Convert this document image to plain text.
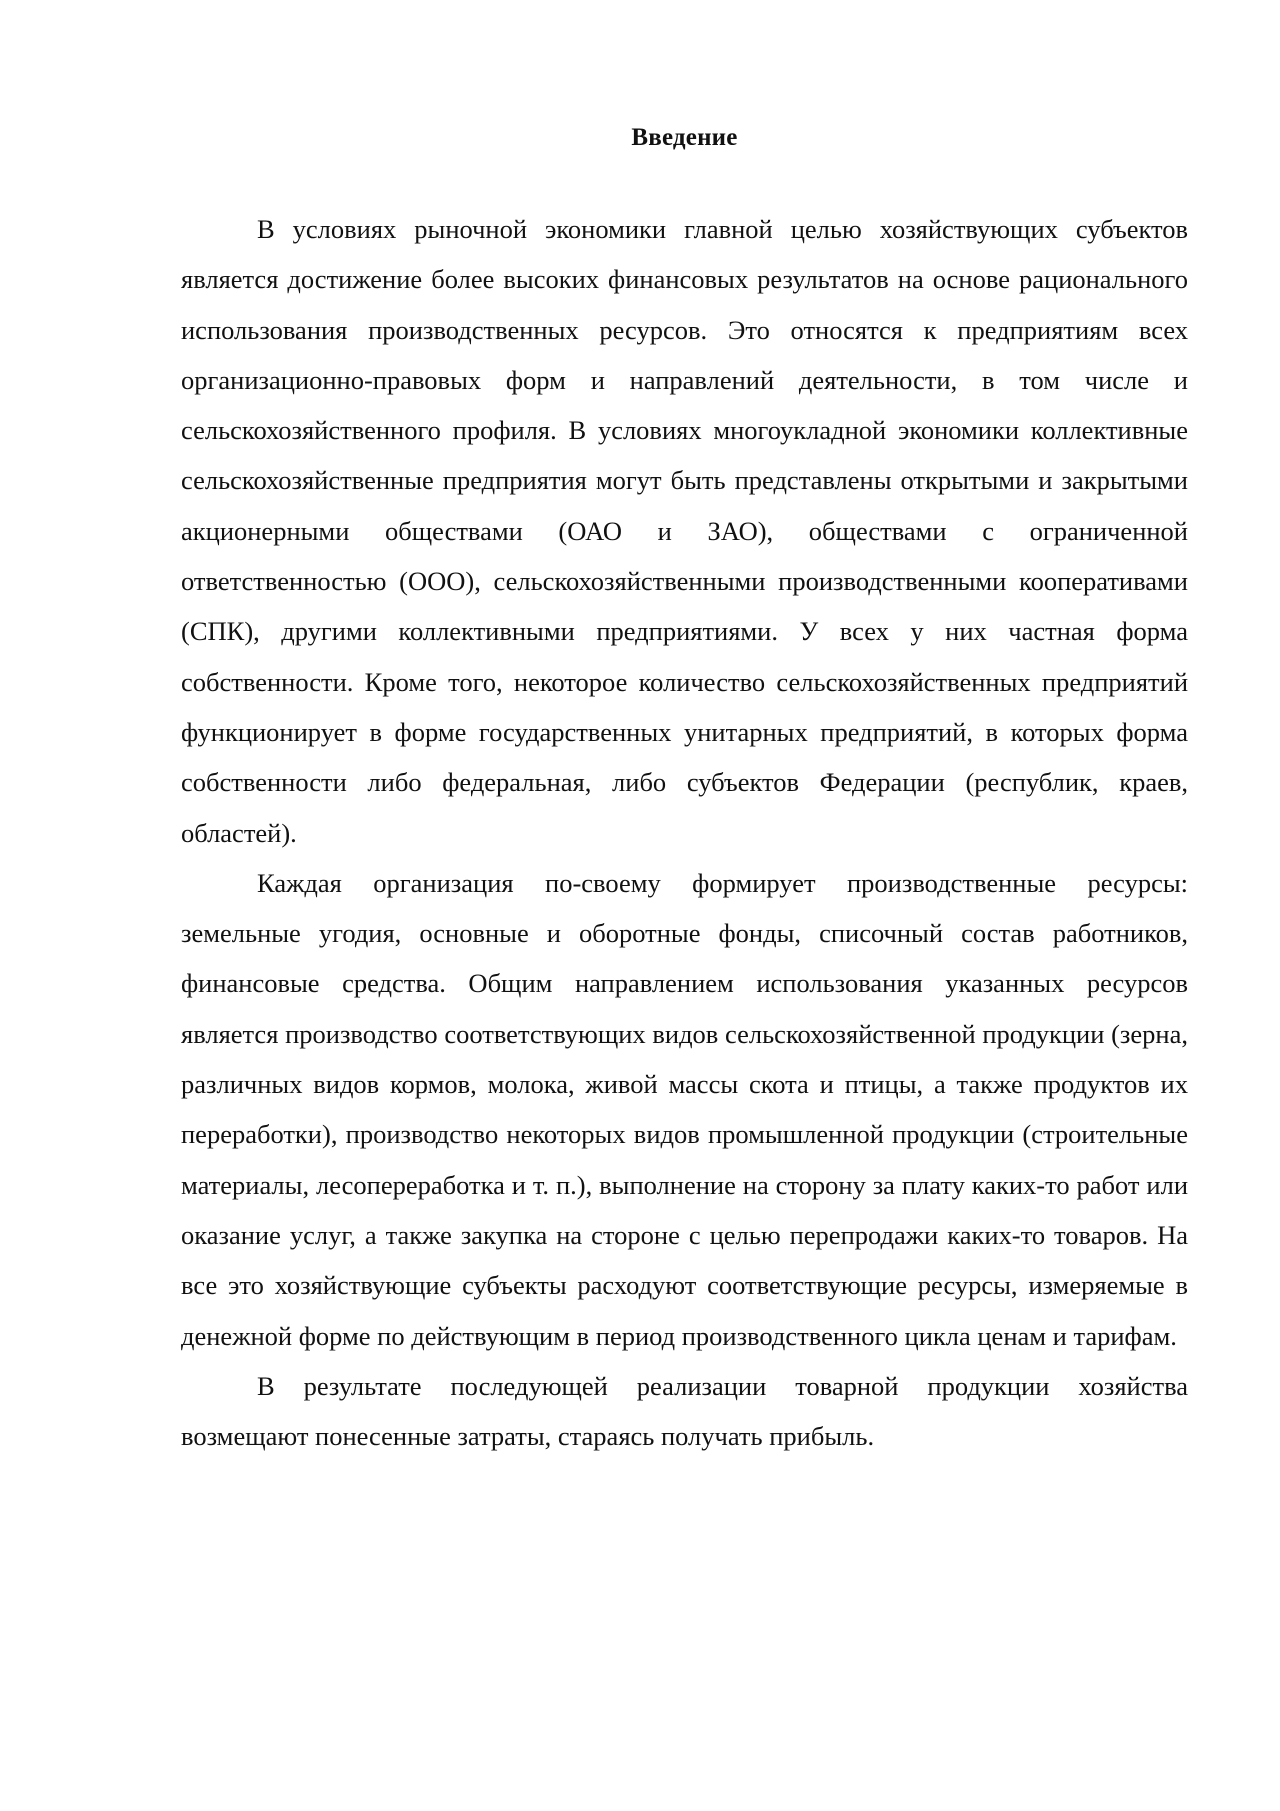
Введение

В условиях рыночной экономики главной целью хозяйствующих субъектов является достижение более высоких финансовых результатов на основе рационального использования производственных ресурсов. Это относятся к предприятиям всех организационно-правовых форм и направлений деятельности, в том числе и сельскохозяйственного профиля. В условиях многоукладной экономики коллективные сельскохозяйственные предприятия могут быть представлены открытыми и закрытыми акционерными обществами (ОАО и ЗАО), обществами с ограниченной ответственностью (ООО), сельскохозяйственными производственными кооперативами (СПК), другими коллективными предприятиями. У всех у них частная форма собственности. Кроме того, некоторое количество сельскохозяйственных предприятий функционирует в форме государственных унитарных предприятий, в которых форма собственности либо федеральная, либо субъектов Федерации (республик, краев, областей).

Каждая организация по-своему формирует производственные ресурсы: земельные угодия, основные и оборотные фонды, списочный состав работников, финансовые средства. Общим направлением использования указанных ресурсов является производство соответствующих видов сельскохозяйственной продукции (зерна, различных видов кормов, молока, живой массы скота и птицы, а также продуктов их переработки), производство некоторых видов промышленной продукции (строительные материалы, лесопереработка и т. п.), выполнение на сторону за плату каких-то работ или оказание услуг, а также закупка на стороне с целью перепродажи каких-то товаров. На все это хозяйствующие субъекты расходуют соответствующие ресурсы, измеряемые в денежной форме по действующим в период производственного цикла ценам и тарифам.

В результате последующей реализации товарной продукции хозяйства возмещают понесенные затраты, стараясь получать прибыль.
